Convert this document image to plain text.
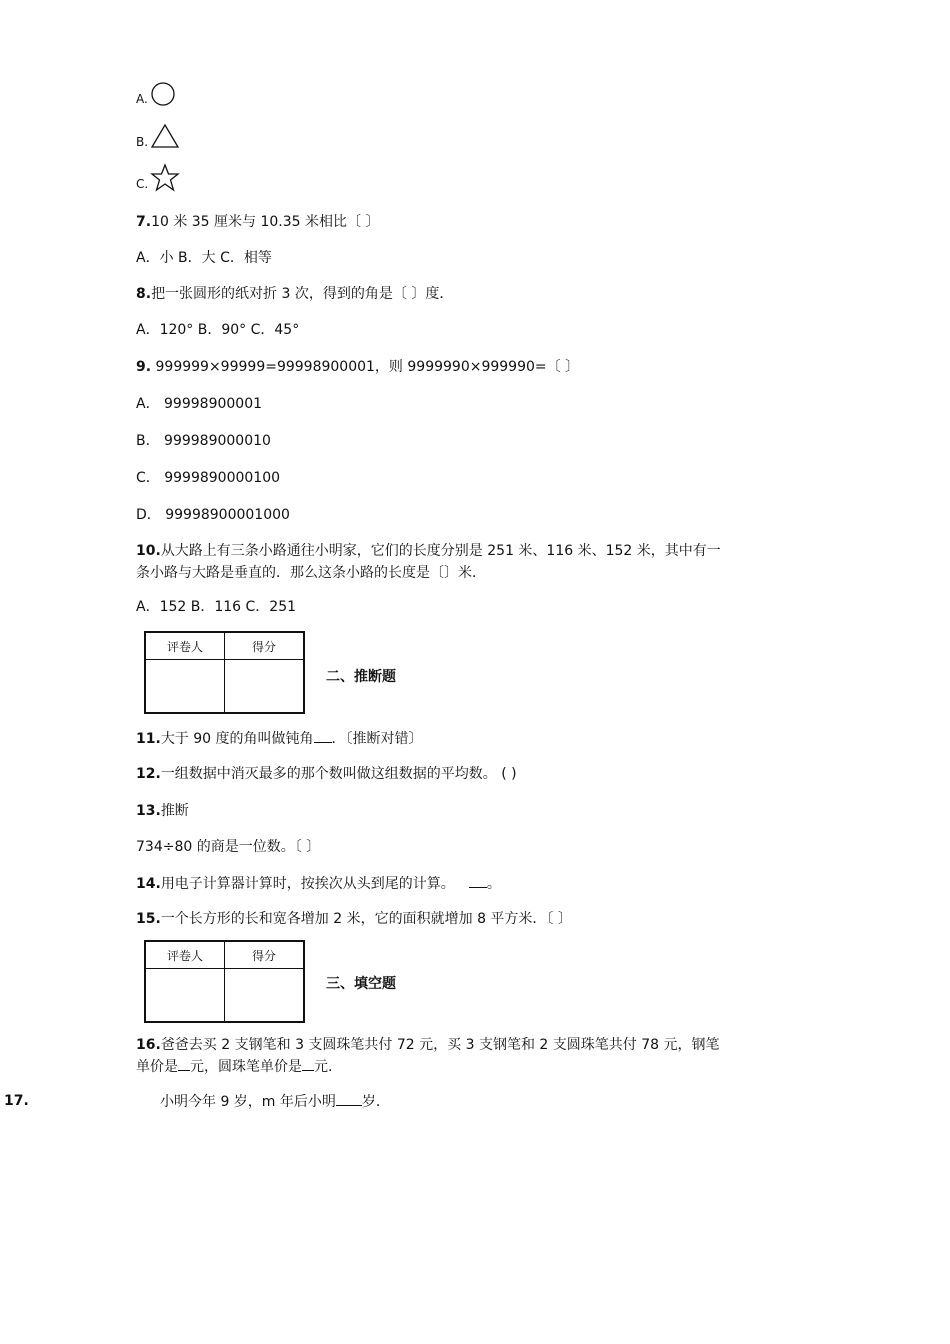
A.
B.
C.
7.10 米 35 厘米与 10.35 米相比〔 〕
A．小 B．大 C．相等
8.把一张圆形的纸对折 3 次，得到的角是〔 〕度．
A．120° B．90° C．45°
9. 999999×99999=99998900001，则 9999990×999990=〔 〕
A． 99998900001
B． 999989000010
C． 9999890000100
D． 99998900001000
10.从大路上有三条小路通往小明家，它们的长度分别是 251 米、116 米、152 米，其中有一
条小路与大路是垂直的．那么这条小路的长度是〔〕米．
A．152 B．116 C．251
评卷人	得分

二、推断题
11.大于 90 度的角叫做钝角 ．〔推断对错〕
12.一组数据中消灭最多的那个数叫做这组数据的平均数。 ( )
13.推断
734÷80 的商是一位数。〔 〕
14.用电子计算器计算时，按挨次从头到尾的计算。 。
15.一个长方形的长和宽各增加 2 米，它的面积就增加 8 平方米．〔 〕
评卷人	得分

三、填空题
16.爸爸去买 2 支钢笔和 3 支圆珠笔共付 72 元，买 3 支钢笔和 2 支圆珠笔共付 78 元，钢笔
单价是 元，圆珠笔单价是 元.
17.	小明今年 9 岁，m 年后小明 岁．
